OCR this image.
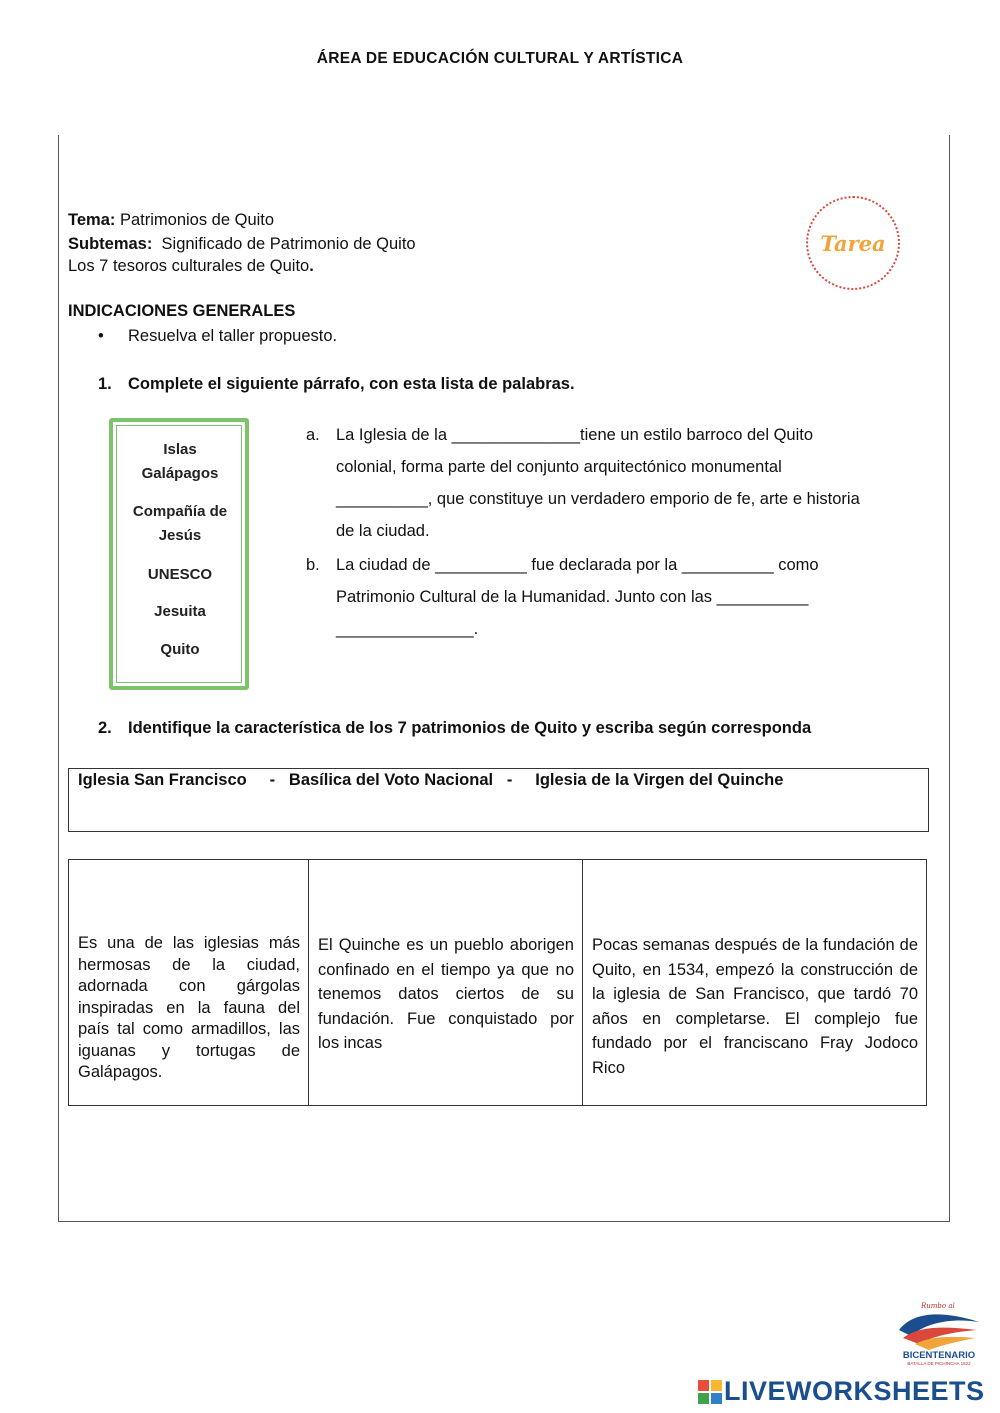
ÁREA DE EDUCACIÓN CULTURAL Y ARTÍSTICA
Tema: Patrimonios de Quito
Subtemas: Significado de Patrimonio de Quito
Los 7 tesoros culturales de Quito.
Tarea
INDICACIONES GENERALES
• Resuelva el taller propuesto.
1. Complete el siguiente párrafo, con esta lista de palabras.
Islas
Galápagos
Compañía de
Jesús
UNESCO
Jesuita
Quito
a. La Iglesia de la ______________tiene un estilo barroco del Quito
colonial, forma parte del conjunto arquitectónico monumental
__________, que constituye un verdadero emporio de fe, arte e historia
de la ciudad.
b. La ciudad de __________ fue declarada por la __________ como
Patrimonio Cultural de la Humanidad. Junto con las __________
_______________.
2. Identifique la característica de los 7 patrimonios de Quito y escriba según corresponda
Iglesia San Francisco     -   Basílica del Voto Nacional   -     Iglesia de la Virgen del Quinche
Es una de las iglesias más hermosas de la ciudad, adornada con gárgolas inspiradas en la fauna del país tal como armadillos, las iguanas y tortugas de Galápagos.
El Quinche es un pueblo aborigen confinado en el tiempo ya que no tenemos datos ciertos de su fundación. Fue conquistado por los incas
Pocas semanas después de la fundación de Quito, en 1534, empezó la construcción de la iglesia de San Francisco, que tardó 70 años en completarse. El complejo fue fundado por el franciscano Fray Jodoco Rico
Rumbo al
BICENTENARIO
BATALLA DE PICHINCHA 1822
LIVEWORKSHEETS
